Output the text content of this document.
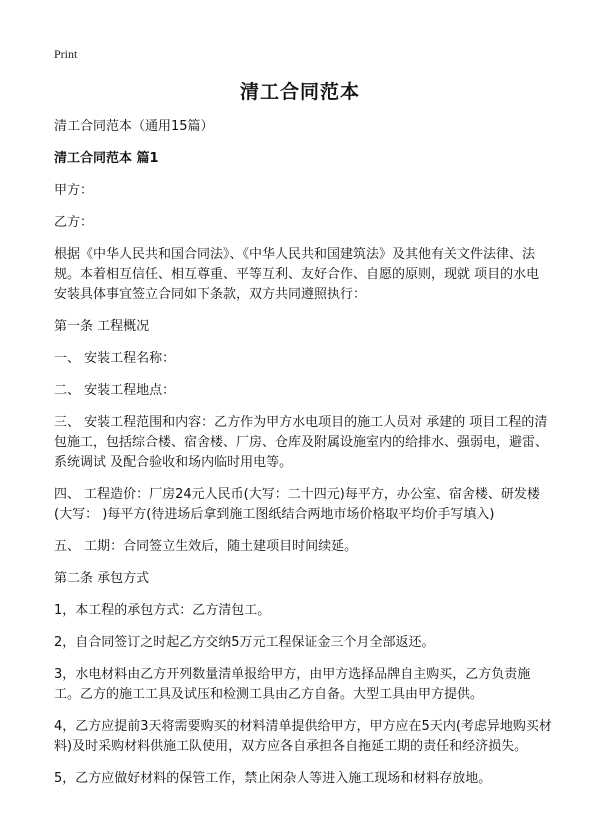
Print
清工合同范本

清工合同范本（通用15篇）

清工合同范本 篇1

甲方：

乙方：

根据《中华人民共和国合同法》、《中华人民共和国建筑法》及其他有关文件法律、法规。本着相互信任、相互尊重、平等互利、友好合作、自愿的原则，现就 项目的水电安装具体事宜签立合同如下条款，双方共同遵照执行：

第一条 工程概况

一、 安装工程名称：

二、 安装工程地点：

三、 安装工程范围和内容：乙方作为甲方水电项目的施工人员对 承建的 项目工程的清包施工，包括综合楼、宿舍楼、厂房、仓库及附属设施室内的给排水、强弱电，避雷、系统调试 及配合验收和场内临时用电等。

四、 工程造价：厂房24元人民币(大写：二十四元)每平方，办公室、宿舍楼、研发楼 (大写： )每平方(待进场后拿到施工图纸结合两地市场价格取平均价手写填入)

五、 工期：合同签立生效后，随土建项目时间续延。

第二条 承包方式

1，本工程的承包方式：乙方清包工。

2，自合同签订之时起乙方交纳5万元工程保证金三个月全部返还。

3，水电材料由乙方开列数量清单报给甲方，由甲方选择品牌自主购买，乙方负责施工。乙方的施工工具及试压和检测工具由乙方自备。大型工具由甲方提供。

4，乙方应提前3天将需要购买的材料清单提供给甲方，甲方应在5天内(考虑异地购买材料)及时采购材料供施工队使用，双方应各自承担各自拖延工期的责任和经济损失。

5，乙方应做好材料的保管工作，禁止闲杂人等进入施工现场和材料存放地。
